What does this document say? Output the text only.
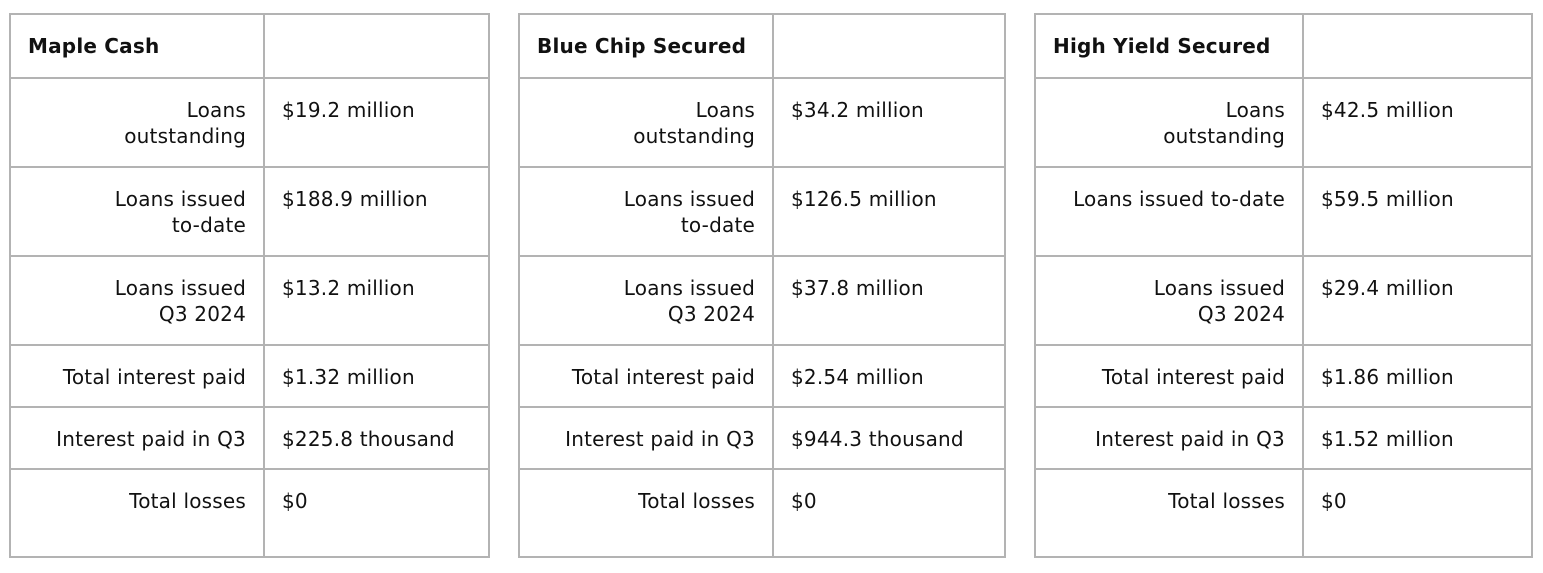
Maple Cash	
Loans
outstanding	$19.2 million
Loans issued
to-date	$188.9 million
Loans issued
Q3 2024	$13.2 million
Total interest paid	$1.32 million
Interest paid in Q3	$225.8 thousand
Total losses	$0
Blue Chip Secured	
Loans
outstanding	$34.2 million
Loans issued
to-date	$126.5 million
Loans issued
Q3 2024	$37.8 million
Total interest paid	$2.54 million
Interest paid in Q3	$944.3 thousand
Total losses	$0
High Yield Secured	
Loans
outstanding	$42.5 million
Loans issued to-date	$59.5 million
Loans issued
Q3 2024	$29.4 million
Total interest paid	$1.86 million
Interest paid in Q3	$1.52 million
Total losses	$0
